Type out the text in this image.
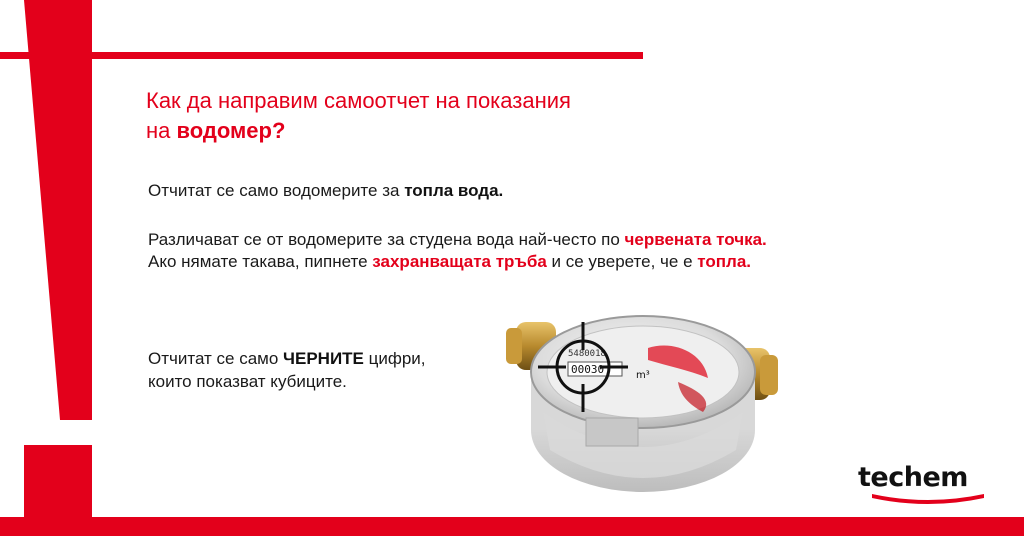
Как да направим самоотчет на показания
на водомер?
Отчитат се само водомерите за топла вода.
Различават се от водомерите за студена вода най-често по червената точка.
Ако нямате такава, пипнете захранващата тръба и се уверете, че е топла.
Отчитат се само ЧЕРНИТЕ цифри,
които показват кубиците.
5480018
00030	m³
techem
